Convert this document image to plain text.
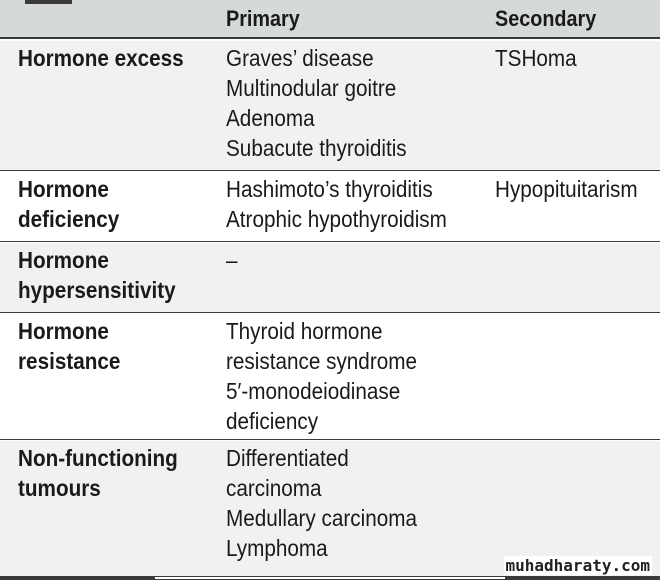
Primary	Secondary
Hormone excess Graves’ disease
Multinodular goitre
Adenoma
Subacute thyroiditis
TSHoma
Hormone
deficiency
Hashimoto’s thyroiditis
Atrophic hypothyroidism
Hypopituitarism
Hormone
hypersensitivity
–
Hormone
resistance
Thyroid hormone
resistance syndrome
5′-monodeiodinase
deficiency
Non-functioning
tumours
Differentiated
carcinoma
Medullary carcinoma
Lymphoma
muhadharaty.com
